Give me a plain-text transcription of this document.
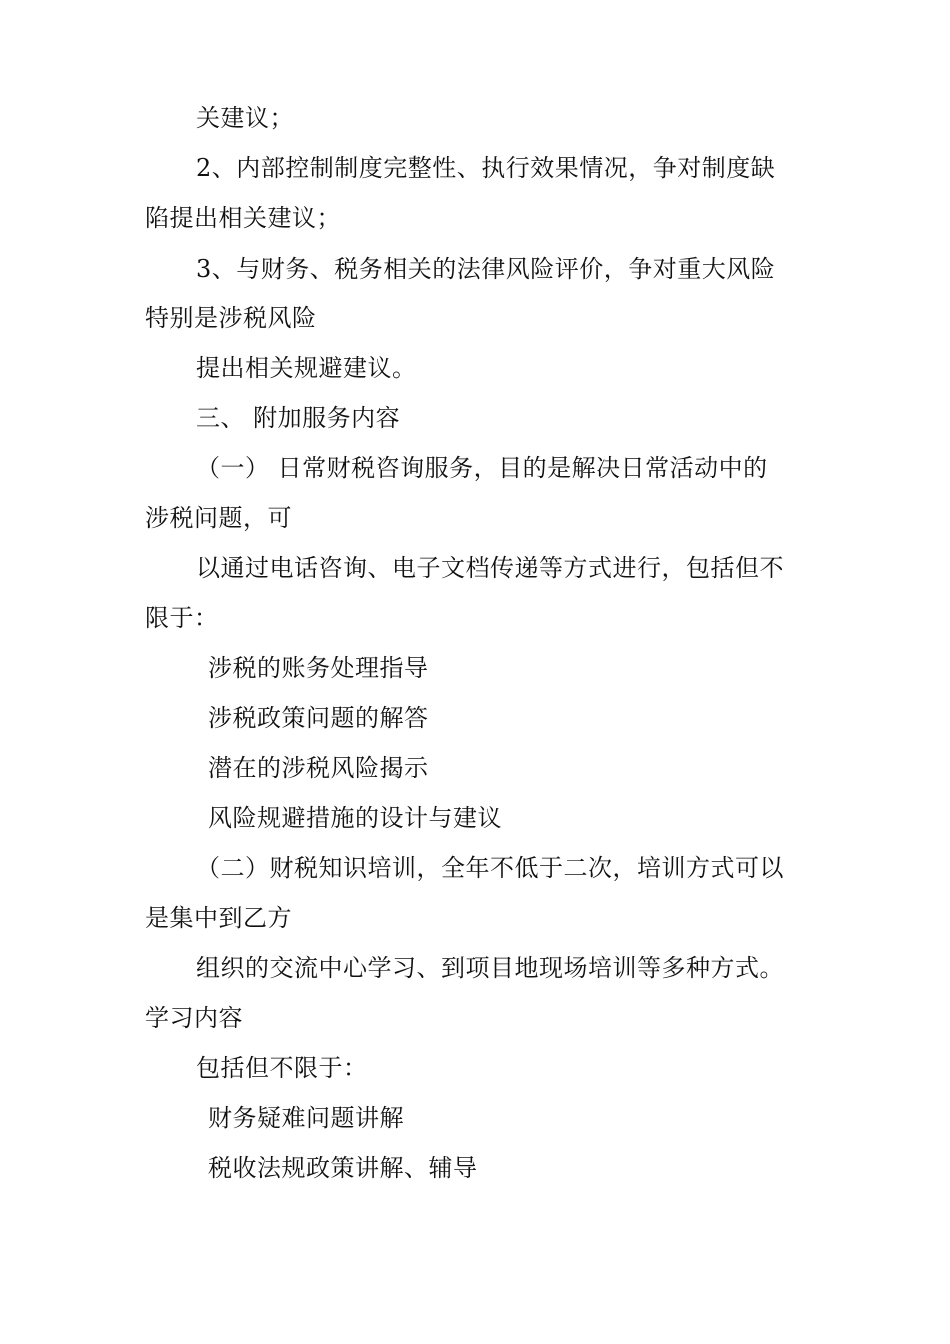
关建议；
2、内部控制制度完整性、执行效果情况，争对制度缺
陷提出相关建议；
3、与财务、税务相关的法律风险评价，争对重大风险
特别是涉税风险
提出相关规避建议。
三、 附加服务内容
（一） 日常财税咨询服务，目的是解决日常活动中的
涉税问题，可
以通过电话咨询、电子文档传递等方式进行，包括但不
限于：
涉税的账务处理指导
涉税政策问题的解答
潜在的涉税风险揭示
风险规避措施的设计与建议
（二）财税知识培训，全年不低于二次，培训方式可以
是集中到乙方
组织的交流中心学习、到项目地现场培训等多种方式。
学习内容
包括但不限于：
财务疑难问题讲解
税收法规政策讲解、辅导
